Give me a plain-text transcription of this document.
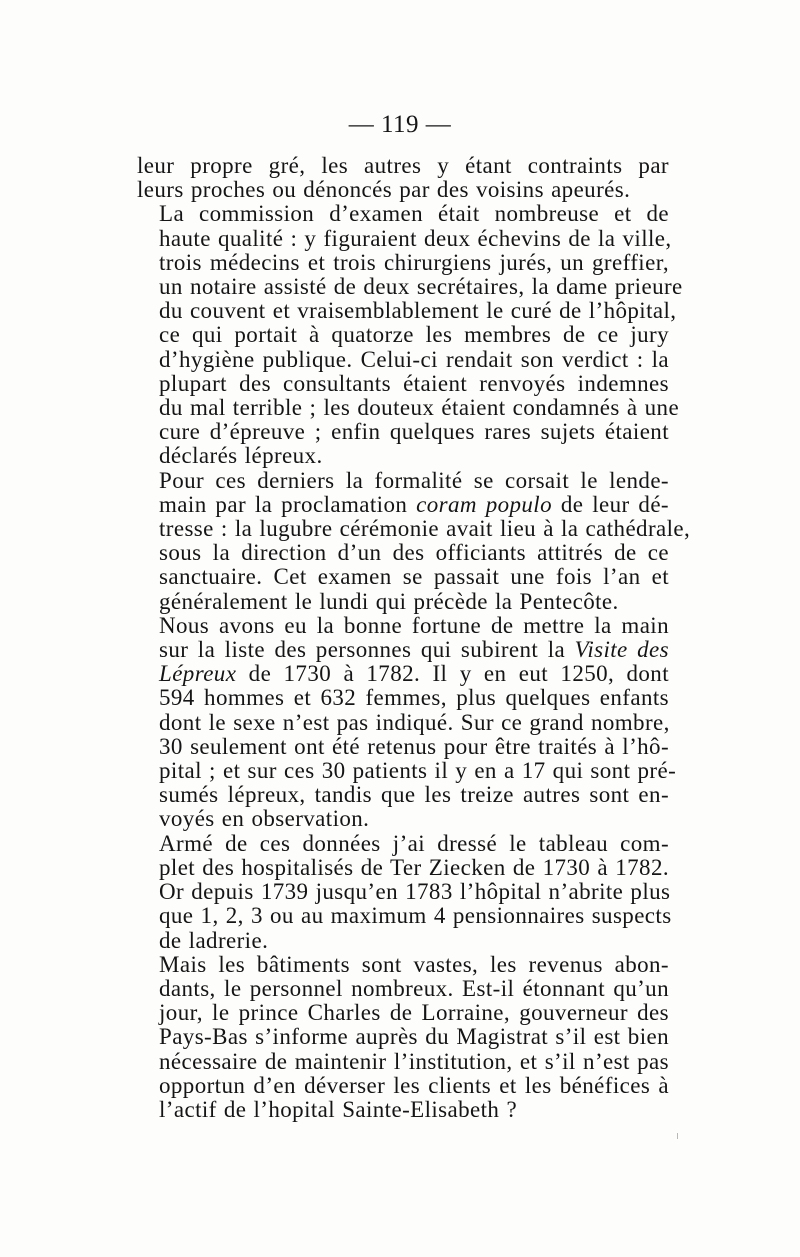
— 119 —

leur propre gré, les autres y étant contraints par
leurs proches ou dénoncés par des voisins apeurés.

La commission d’examen était nombreuse et de
haute qualité : y figuraient deux échevins de la ville,
trois médecins et trois chirurgiens jurés, un greffier,
un notaire assisté de deux secrétaires, la dame prieure
du couvent et vraisemblablement le curé de l’hôpital,
ce qui portait à quatorze les membres de ce jury
d’hygiène publique. Celui-ci rendait son verdict : la
plupart des consultants étaient renvoyés indemnes
du mal terrible ; les douteux étaient condamnés à une
cure d’épreuve ; enfin quelques rares sujets étaient
déclarés lépreux.

Pour ces derniers la formalité se corsait le lende-
main par la proclamation coram populo de leur dé-
tresse : la lugubre cérémonie avait lieu à la cathédrale,
sous la direction d’un des officiants attitrés de ce
sanctuaire. Cet examen se passait une fois l’an et
généralement le lundi qui précède la Pentecôte.

Nous avons eu la bonne fortune de mettre la main
sur la liste des personnes qui subirent la Visite des
Lépreux de 1730 à 1782. Il y en eut 1250, dont
594 hommes et 632 femmes, plus quelques enfants
dont le sexe n’est pas indiqué. Sur ce grand nombre,
30 seulement ont été retenus pour être traités à l’hô-
pital ; et sur ces 30 patients il y en a 17 qui sont pré-
sumés lépreux, tandis que les treize autres sont en-
voyés en observation.

Armé de ces données j’ai dressé le tableau com-
plet des hospitalisés de Ter Ziecken de 1730 à 1782.
Or depuis 1739 jusqu’en 1783 l’hôpital n’abrite plus
que 1, 2, 3 ou au maximum 4 pensionnaires suspects
de ladrerie.

Mais les bâtiments sont vastes, les revenus abon-
dants, le personnel nombreux. Est-il étonnant qu’un
jour, le prince Charles de Lorraine, gouverneur des
Pays-Bas s’informe auprès du Magistrat s’il est bien
nécessaire de maintenir l’institution, et s’il n’est pas
opportun d’en déverser les clients et les bénéfices à
l’actif de l’hopital Sainte-Elisabeth ?
